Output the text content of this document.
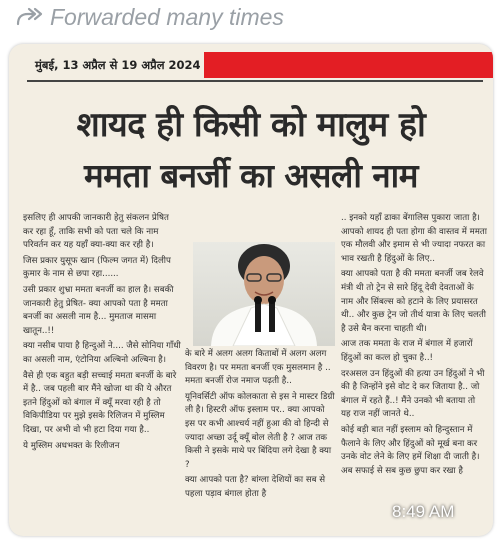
Forwarded many times
मुंबई, 13 अप्रैल से 19 अप्रैल 2024
शायद ही किसी को मालुम हो
ममता बनर्जी का असली नाम

इसलिए ही आपकी जानकारी हेतु संकलन प्रेषित कर रहा हूँ, ताकि सभी को पता चले कि नाम परिवर्तन कर यह यहाँ क्या-क्या कर रही है।

जिस प्रकार युसूफ खान (फिल्म जगत में) दिलीप कुमार के नाम से छपा रहा......

उसी प्रकार शुभ्रा ममता बनर्जी का हाल है। सबकी जानकारी हेतु प्रेषित- क्या आपको पता है ममता बनर्जी का असली नाम है... मुमताज मासमा खातून..!!

क्या नसीब पाया है हिन्दुओं ने.... जैसे सोनिया गाँधी का असली नाम, एंटोनिया अल्बिनो अल्बिना है।

वैसे ही एक बहुत बड़ी सच्चाई ममता बनर्जी के बारे में है.. जब पहली बार मैंने खोजा था की ये औरत इतने हिंदुओं को बंगाल में क्यूँ मरवा रही है तो विकिपीडिया पर मुझे इसके रिलिजन में मुस्लिम दिखा, पर अभी वो भी हटा दिया गया है..

ये मुस्लिम अधभक्त के रिलीजन

के बारे में अलग अलग किताबों में अलग अलग विवरण है। पर ममता बनर्जी एक मुसलमान है .. ममता बनर्जी रोज नमाज पढ़ती है..

यूनिवर्सिटी ऑफ कोलकाता से इस ने मास्टर डिग्री ली है। हिस्टरी ऑफ इस्लाम पर.. क्या आपको इस पर कभी आश्चर्य नहीं हुआ की वो हिन्दी से ज्यादा अच्छा उर्दू क्यूँ बोल लेती है ? आज तक किसी ने इसके माथे पर बिंदिया लगे देखा है क्या ?

क्या आपको पता है? बांग्ला देशियों का सब से पहला पड़ाव बंगाल होता है

.. इनको यहाँ ढाका बेंगालिस पुकारा जाता है। आपको शायद ही पता होगा की वास्तव में ममता एक मौलवी और इमाम से भी ज्यादा नफरत का भाव रखती है हिंदुओं के लिए..

क्या आपको पता है की ममता बनर्जी जब रेलवे मंत्री थी तो ट्रेन से सारे हिंदू देवी देवताओं के नाम और सिंबल्स को हटाने के लिए प्रयासरत थी.. और कुछ ट्रेन जो तीर्थ यात्रा के लिए चलती है उसे बैन करना चाहती थी।

आज तक ममता के राज में बंगाल में हजारों हिंदुओं का कत्ल हो चुका है..!

दरअसल उन हिंदुओं की हत्या उन हिंदुओं ने भी की है जिन्होंने इसे वोट दे कर जिताया है.. जो बंगाल में रहते हैं..! मैंने उनको भी बताया तो यह राज नहीं जानते थे..

कोई बड़ी बात नहीं इस्लाम को हिन्दुस्तान में फैलाने के लिए और हिंदुओं को मूर्ख बना कर उनके वोट लेने के लिए हमें शिक्षा दी जाती है। अब सफाई से सब कुछ छुपा कर रखा है

8:49 AM
